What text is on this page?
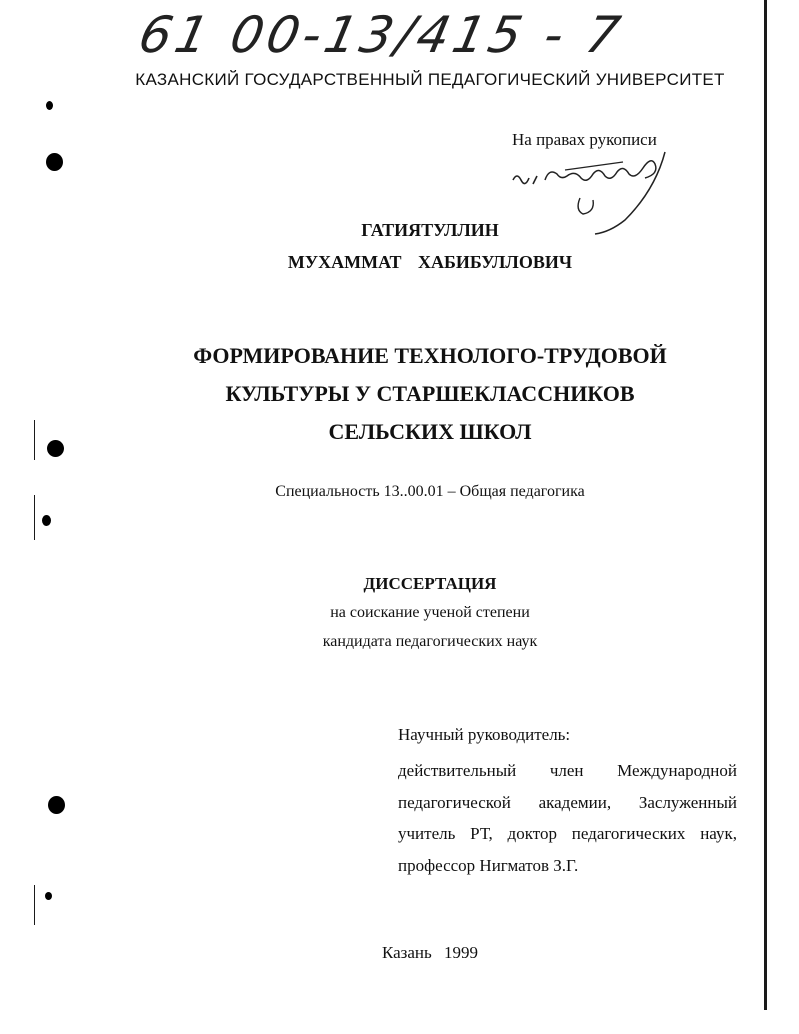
61 00-13/415 - 7

КАЗАНСКИЙ ГОСУДАРСТВЕННЫЙ ПЕДАГОГИЧЕСКИЙ УНИВЕРСИТЕТ

На правах рукописи

ГАТИЯТУЛЛИН

МУХАММАТ ХАБИБУЛЛОВИЧ

ФОРМИРОВАНИЕ ТЕХНОЛОГО-ТРУДОВОЙ

КУЛЬТУРЫ У СТАРШЕКЛАССНИКОВ

СЕЛЬСКИХ ШКОЛ

Специальность 13..00.01 – Общая педагогика

ДИССЕРТАЦИЯ

на соискание ученой степени

кандидата педагогических наук

Научный руководитель:

действительный член Международной педагогической академии, Заслуженный учитель РТ, доктор педагогических наук, профессор Нигматов З.Г.

Казань 1999
